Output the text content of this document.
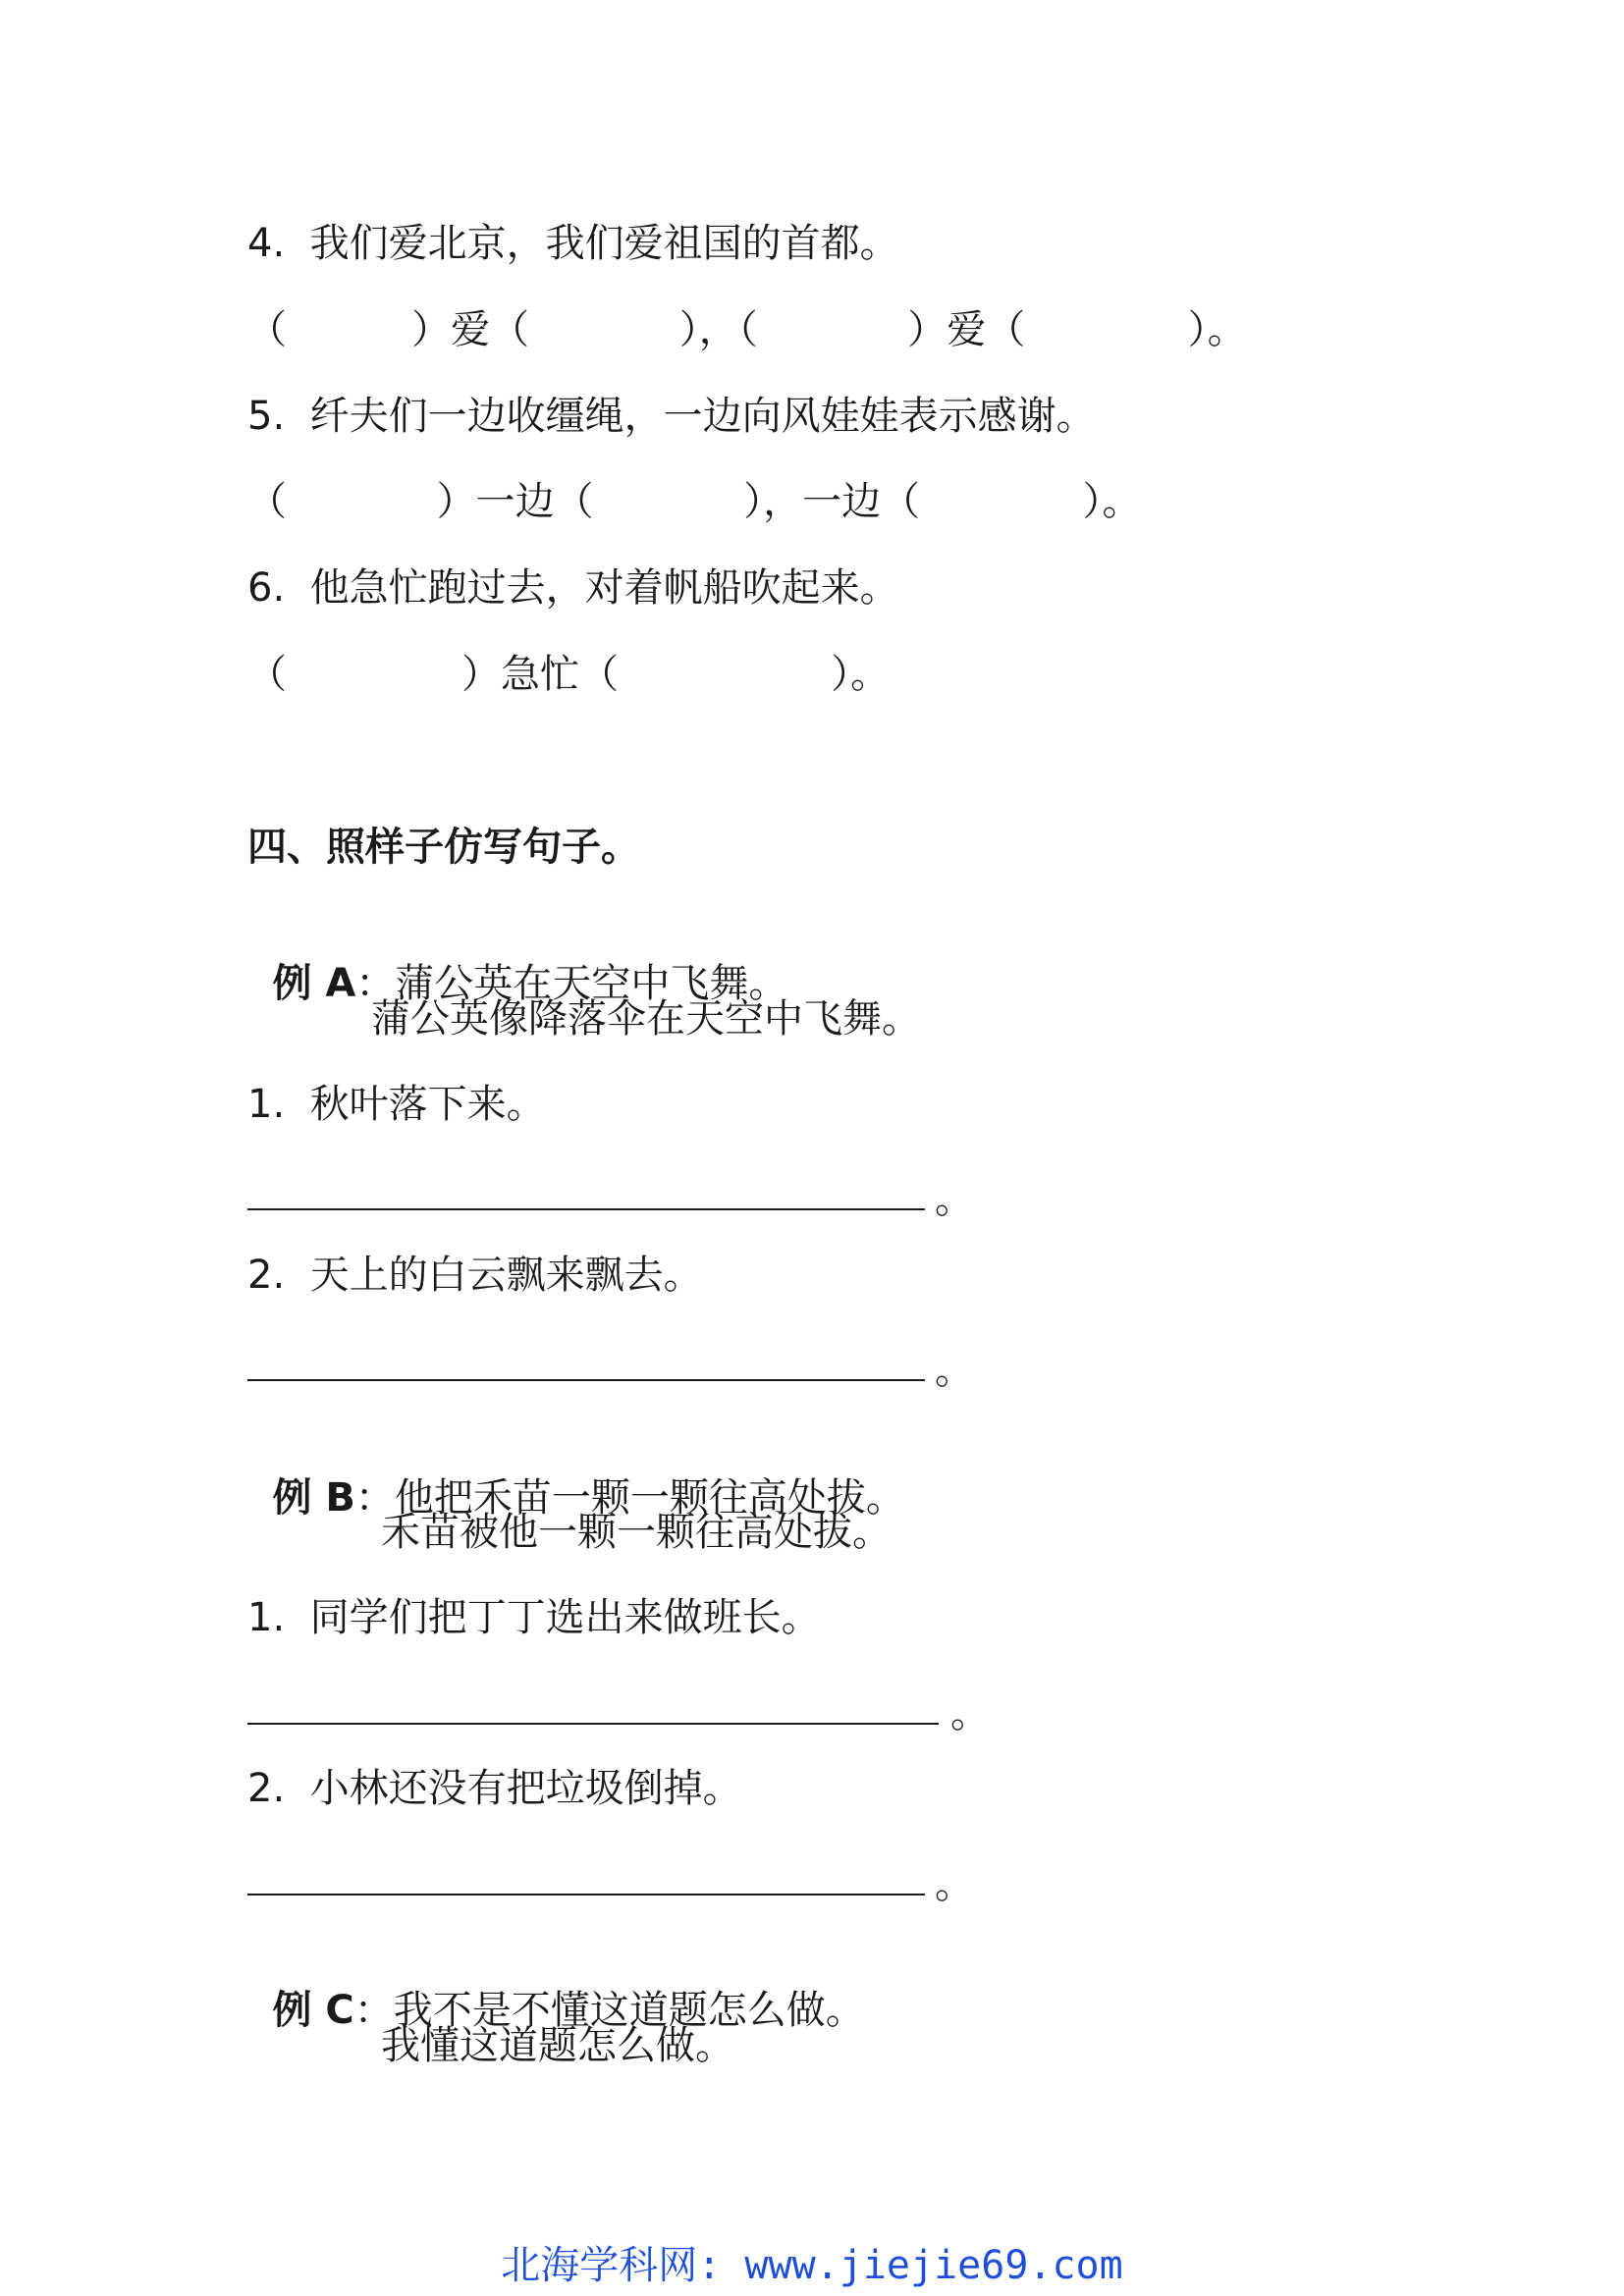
4.  我们爱北京，我们爱祖国的首都。
（          ）爱（            ），（            ）爱（             ）。
5.  纤夫们一边收缰绳，一边向风娃娃表示感谢。
（            ）一边（            ），一边（             ）。
6.  他急忙跑过去，对着帆船吹起来。
（              ）急忙（                 ）。
四、照样子仿写句子。

例 A：蒲公英在天空中飞舞。

蒲公英像降落伞在天空中飞舞。
1.  秋叶落下来。
。
2.  天上的白云飘来飘去。
。

例 B：他把禾苗一颗一颗往高处拔。

禾苗被他一颗一颗往高处拔。
1.  同学们把丁丁选出来做班长。
。
2.  小林还没有把垃圾倒掉。
。

例 C：我不是不懂这道题怎么做。

我懂这道题怎么做。
北海学科网: www.jiejie69.com
